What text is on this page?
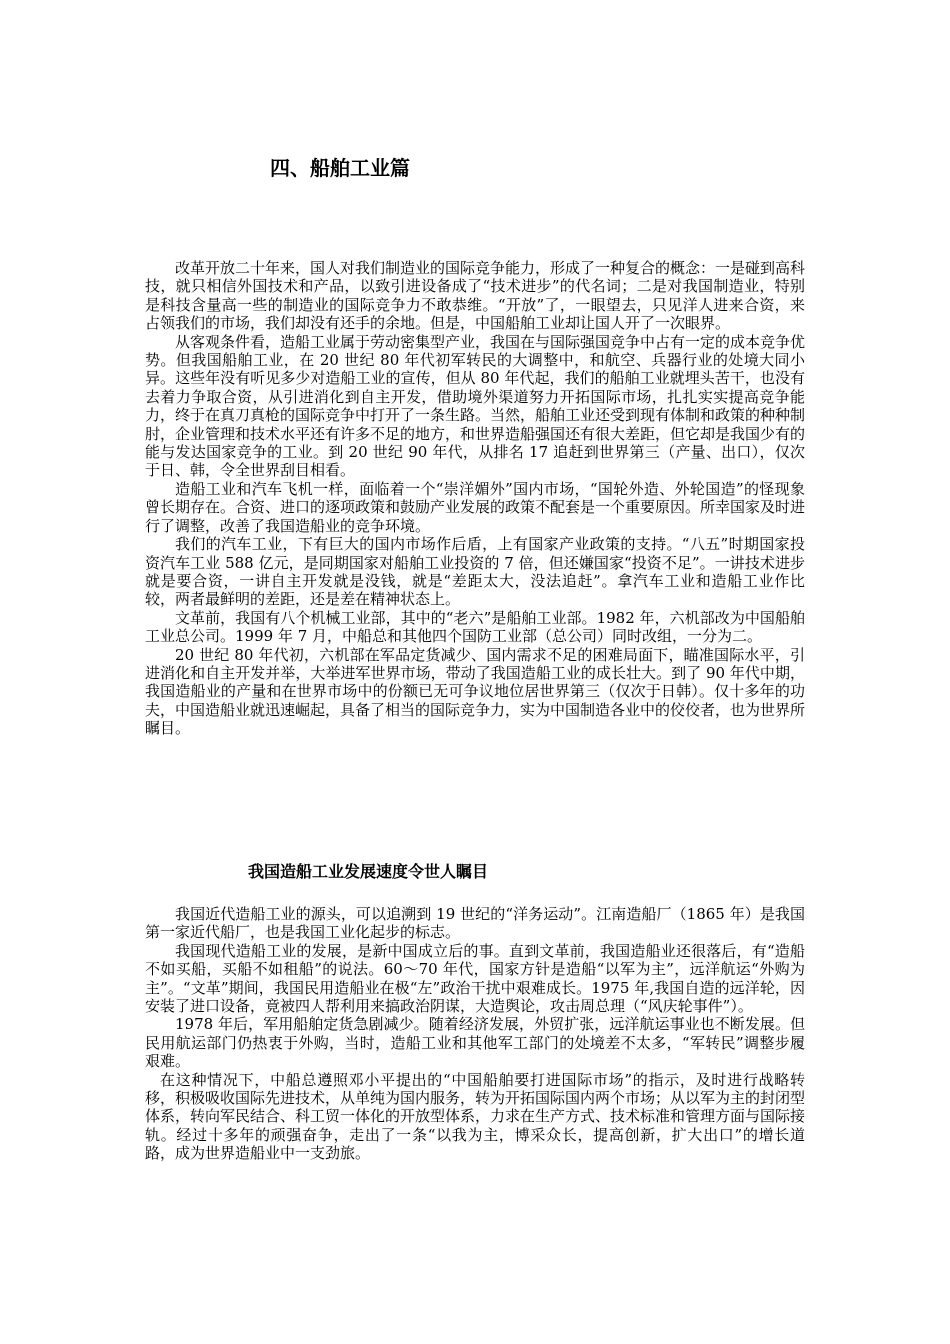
四、船舶工业篇

改革开放二十年来，国人对我们制造业的国际竞争能力，形成了一种复合的概念：一是碰到高科技，就只相信外国技术和产品，以致引进设备成了“技术进步”的代名词；二是对我国制造业，特别是科技含量高一些的制造业的国际竞争力不敢恭维。“开放”了，一眼望去，只见洋人进来合资，来占领我们的市场，我们却没有还手的余地。但是，中国船舶工业却让国人开了一次眼界。

从客观条件看，造船工业属于劳动密集型产业，我国在与国际强国竞争中占有一定的成本竞争优势。但我国船舶工业，在 20 世纪 80 年代初军转民的大调整中，和航空、兵器行业的处境大同小异。这些年没有听见多少对造船工业的宣传，但从 80 年代起，我们的船舶工业就埋头苦干，也没有去着力争取合资，从引进消化到自主开发，借助境外渠道努力开拓国际市场，扎扎实实提高竞争能力，终于在真刀真枪的国际竞争中打开了一条生路。当然，船舶工业还受到现有体制和政策的种种制肘，企业管理和技术水平还有许多不足的地方，和世界造船强国还有很大差距，但它却是我国少有的能与发达国家竞争的工业。到 20 世纪 90 年代，从排名 17 追赶到世界第三（产量、出口），仅次于日、韩，令全世界刮目相看。

造船工业和汽车飞机一样，面临着一个“崇洋媚外”国内市场，“国轮外造、外轮国造”的怪现象曾长期存在。合资、进口的逐项政策和鼓励产业发展的政策不配套是一个重要原因。所幸国家及时进行了调整，改善了我国造船业的竞争环境。

我们的汽车工业，下有巨大的国内市场作后盾，上有国家产业政策的支持。“八五”时期国家投资汽车工业 588 亿元，是同期国家对船舶工业投资的 7 倍，但还嫌国家“投资不足”。一讲技术进步就是要合资，一讲自主开发就是没钱，就是“差距太大，没法追赶”。拿汽车工业和造船工业作比较，两者最鲜明的差距，还是差在精神状态上。

文革前，我国有八个机械工业部，其中的“老六”是船舶工业部。1982 年，六机部改为中国船舶工业总公司。1999 年 7 月，中船总和其他四个国防工业部（总公司）同时改组，一分为二。

20 世纪 80 年代初，六机部在军品定货减少、国内需求不足的困难局面下，瞄准国际水平，引进消化和自主开发并举，大举进军世界市场，带动了我国造船工业的成长壮大。到了 90 年代中期，我国造船业的产量和在世界市场中的份额已无可争议地位居世界第三（仅次于日韩）。仅十多年的功夫，中国造船业就迅速崛起，具备了相当的国际竞争力，实为中国制造各业中的佼佼者，也为世界所瞩目。

我国造船工业发展速度令世人瞩目

我国近代造船工业的源头，可以追溯到 19 世纪的“洋务运动”。江南造船厂（1865 年）是我国第一家近代船厂，也是我国工业化起步的标志。

我国现代造船工业的发展，是新中国成立后的事。直到文革前，我国造船业还很落后，有“造船不如买船，买船不如租船”的说法。60～70 年代，国家方针是造船“以军为主”，远洋航运“外购为主”。“文革”期间，我国民用造船业在极“左”政治干扰中艰难成长。1975 年,我国自造的远洋轮，因安装了进口设备，竟被四人帮利用来搞政治阴谋，大造舆论，攻击周总理（“风庆轮事件”）。

1978 年后，军用船舶定货急剧减少。随着经济发展，外贸扩张，远洋航运事业也不断发展。但民用航运部门仍热衷于外购，当时，造船工业和其他军工部门的处境差不太多，“军转民”调整步履艰难。

在这种情况下，中船总遵照邓小平提出的“中国船舶要打进国际市场”的指示，及时进行战略转移，积极吸收国际先进技术，从单纯为国内服务，转为开拓国际国内两个市场；从以军为主的封闭型体系，转向军民结合、科工贸一体化的开放型体系，力求在生产方式、技术标准和管理方面与国际接轨。经过十多年的顽强奋争，走出了一条“以我为主，博采众长，提高创新，扩大出口”的增长道路，成为世界造船业中一支劲旅。
